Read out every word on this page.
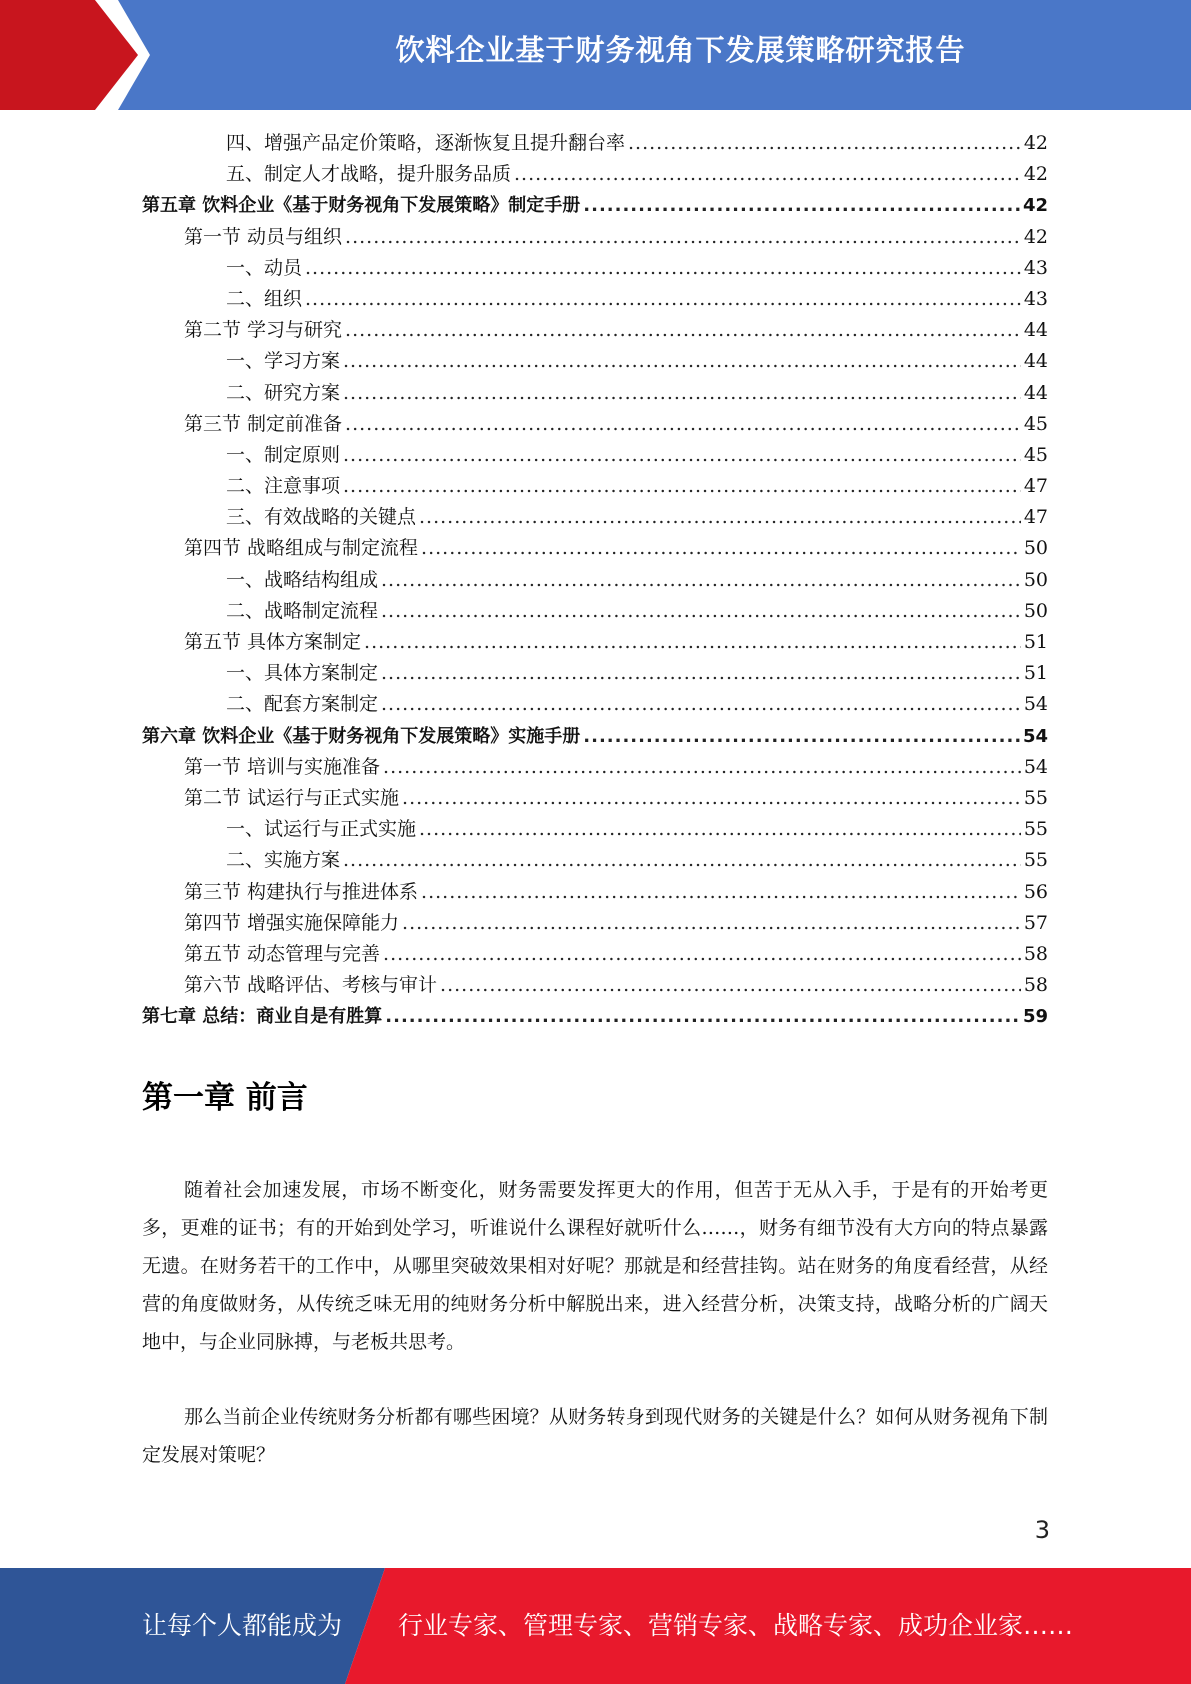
饮料企业基于财务视角下发展策略研究报告
四、增强产品定价策略，逐渐恢复且提升翻台率 .....	42
五、制定人才战略，提升服务品质 .....	42
第五章 饮料企业《基于财务视角下发展策略》制定手册 .....	42
第一节 动员与组织 .....	42
一、动员 .....	43
二、组织 .....	43
第二节 学习与研究 .....	44
一、学习方案 .....	44
二、研究方案 .....	44
第三节 制定前准备 .....	45
一、制定原则 .....	45
二、注意事项 .....	47
三、有效战略的关键点 .....	47
第四节 战略组成与制定流程 .....	50
一、战略结构组成 .....	50
二、战略制定流程 .....	50
第五节 具体方案制定 .....	51
一、具体方案制定 .....	51
二、配套方案制定 .....	54
第六章 饮料企业《基于财务视角下发展策略》实施手册 .....	54
第一节 培训与实施准备 .....	54
第二节 试运行与正式实施 .....	55
一、试运行与正式实施 .....	55
二、实施方案 .....	55
第三节 构建执行与推进体系 .....	56
第四节 增强实施保障能力 .....	57
第五节 动态管理与完善 .....	58
第六节 战略评估、考核与审计 .....	58
第七章 总结：商业自是有胜算 .....	59
第一章 前言

随着社会加速发展，市场不断变化，财务需要发挥更大的作用，但苦于无从入手，于是有的开始考更多，更难的证书；有的开始到处学习，听谁说什么课程好就听什么……，财务有细节没有大方向的特点暴露无遗。在财务若干的工作中，从哪里突破效果相对好呢？那就是和经营挂钩。站在财务的角度看经营，从经营的角度做财务，从传统乏味无用的纯财务分析中解脱出来，进入经营分析，决策支持，战略分析的广阔天地中，与企业同脉搏，与老板共思考。

那么当前企业传统财务分析都有哪些困境？从财务转身到现代财务的关键是什么？如何从财务视角下制定发展对策呢？

3
让每个人都能成为 行业专家、管理专家、营销专家、战略专家、成功企业家……
